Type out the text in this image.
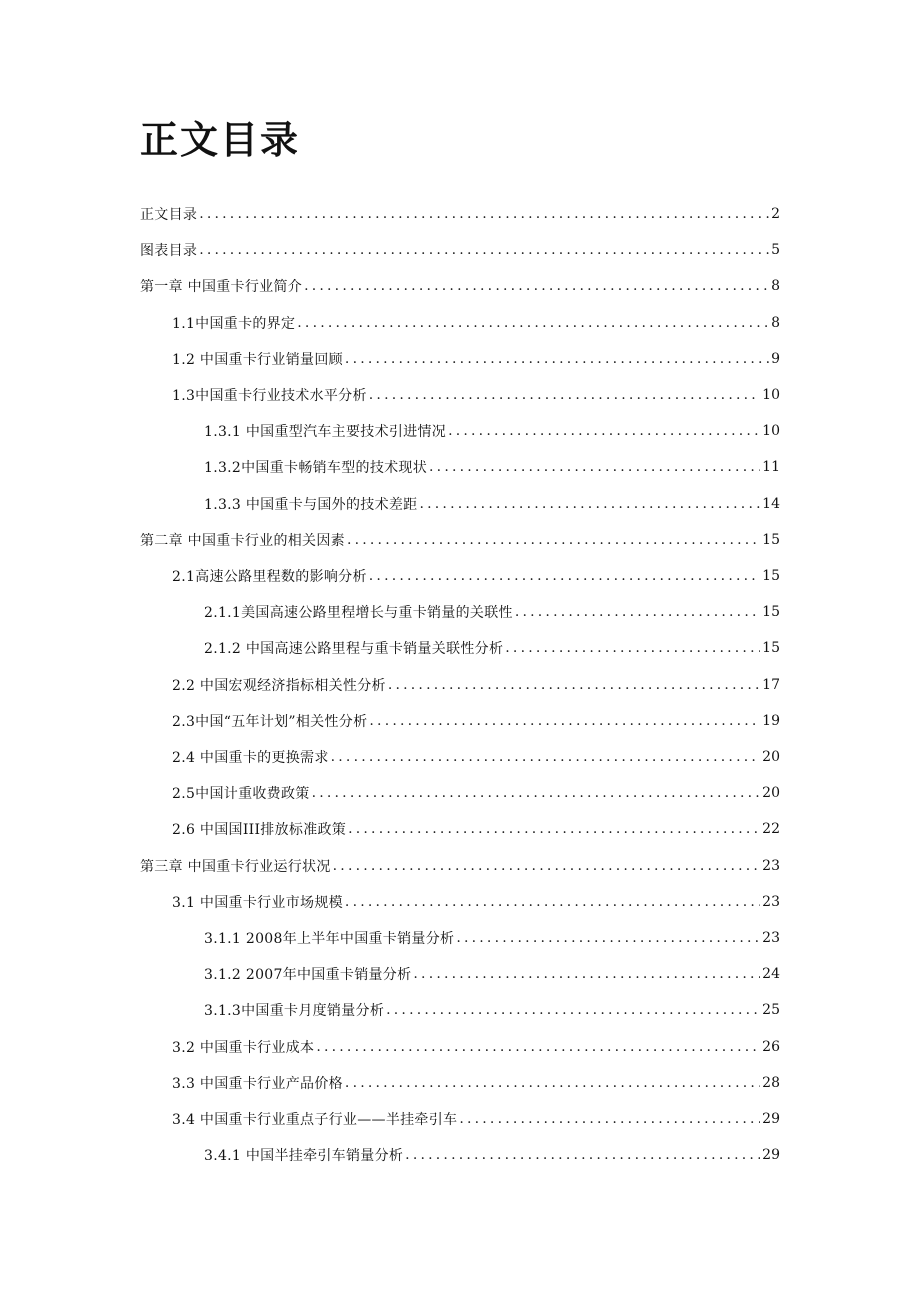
正文目录
正文目录 .....	2
图表目录 .....	5
第一章 中国重卡行业简介 .....	8
1.1中国重卡的界定 .....	8
1.2 中国重卡行业销量回顾 .....	9
1.3中国重卡行业技术水平分析 .....	10
1.3.1 中国重型汽车主要技术引进情况 .....	10
1.3.2中国重卡畅销车型的技术现状 .....	11
1.3.3 中国重卡与国外的技术差距 .....	14
第二章 中国重卡行业的相关因素 .....	15
2.1高速公路里程数的影响分析 .....	15
2.1.1美国高速公路里程增长与重卡销量的关联性 .....	15
2.1.2 中国高速公路里程与重卡销量关联性分析 .....	15
2.2 中国宏观经济指标相关性分析 .....	17
2.3中国“五年计划”相关性分析 .....	19
2.4 中国重卡的更换需求 .....	20
2.5中国计重收费政策 .....	20
2.6 中国国III排放标准政策 .....	22
第三章 中国重卡行业运行状况 .....	23
3.1 中国重卡行业市场规模 .....	23
3.1.1 2008年上半年中国重卡销量分析 .....	23
3.1.2 2007年中国重卡销量分析 .....	24
3.1.3中国重卡月度销量分析 .....	25
3.2 中国重卡行业成本 .....	26
3.3 中国重卡行业产品价格 .....	28
3.4 中国重卡行业重点子行业——半挂牵引车 .....	29
3.4.1 中国半挂牵引车销量分析 .....	29
